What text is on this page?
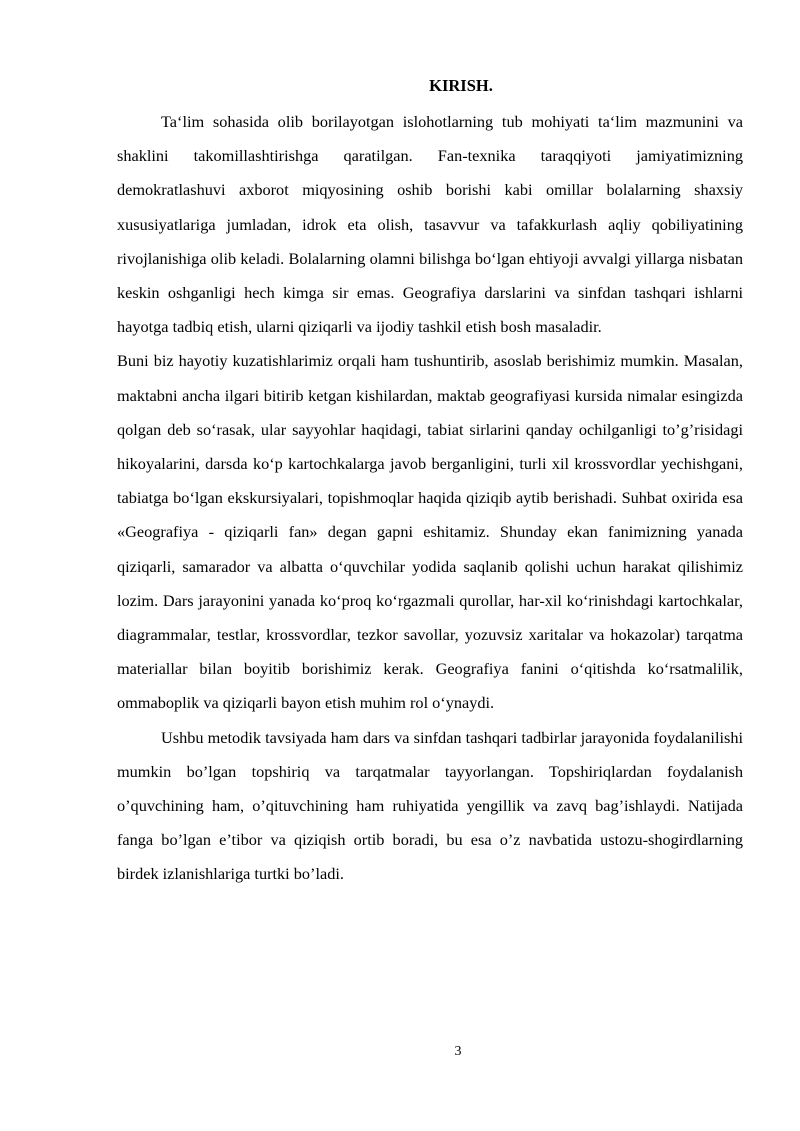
KIRISH.

Ta‘lim sohasida olib borilayotgan islohotlarning tub mohiyati ta‘lim mazmunini va shaklini takomillashtirishga qaratilgan. Fan-texnika taraqqiyoti jamiyatimizning demokratlashuvi axborot miqyosining oshib borishi kabi omillar bolalarning shaxsiy xususiyatlariga jumladan, idrok eta olish, tasavvur va tafakkurlash aqliy qobiliyatining rivojlanishiga olib keladi. Bolalarning olamni bilishga bo‘lgan ehtiyoji avvalgi yillarga nisbatan keskin oshganligi hech kimga sir emas. Geografiya darslarini va sinfdan tashqari ishlarni hayotga tadbiq etish, ularni qiziqarli va ijodiy tashkil etish bosh masaladir.

Buni biz hayotiy kuzatishlarimiz orqali ham tushuntirib, asoslab berishimiz mumkin. Masalan, maktabni ancha ilgari bitirib ketgan kishilardan, maktab geografiyasi kursida nimalar esingizda qolgan deb so‘rasak, ular sayyohlar haqidagi, tabiat sirlarini qanday ochilganligi to’g’risidagi hikoyalarini, darsda ko‘p kartochkalarga javob berganligini, turli xil krossvordlar yechishgani, tabiatga bo‘lgan ekskursiyalari, topishmoqlar haqida qiziqib aytib berishadi. Suhbat oxirida esa «Geografiya - qiziqarli fan» degan gapni eshitamiz. Shunday ekan fanimizning yanada qiziqarli, samarador va albatta o‘quvchilar yodida saqlanib qolishi uchun harakat qilishimiz lozim. Dars jarayonini yanada ko‘proq ko‘rgazmali qurollar, har-xil ko‘rinishdagi kartochkalar, diagrammalar, testlar, krossvordlar, tezkor savollar, yozuvsiz xaritalar va hokazolar) tarqatma materiallar bilan boyitib borishimiz kerak. Geografiya fanini o‘qitishda ko‘rsatmalilik, ommaboplik va qiziqarli bayon etish muhim rol o‘ynaydi.

Ushbu metodik tavsiyada ham dars va sinfdan tashqari tadbirlar jarayonida foydalanilishi mumkin bo’lgan topshiriq va tarqatmalar tayyorlangan. Topshiriqlardan foydalanish o’quvchining ham, o’qituvchining ham ruhiyatida yengillik va zavq bag’ishlaydi. Natijada fanga bo’lgan e’tibor va qiziqish ortib boradi, bu esa o’z navbatida ustozu-shogirdlarning birdek izlanishlariga turtki bo’ladi.

3
